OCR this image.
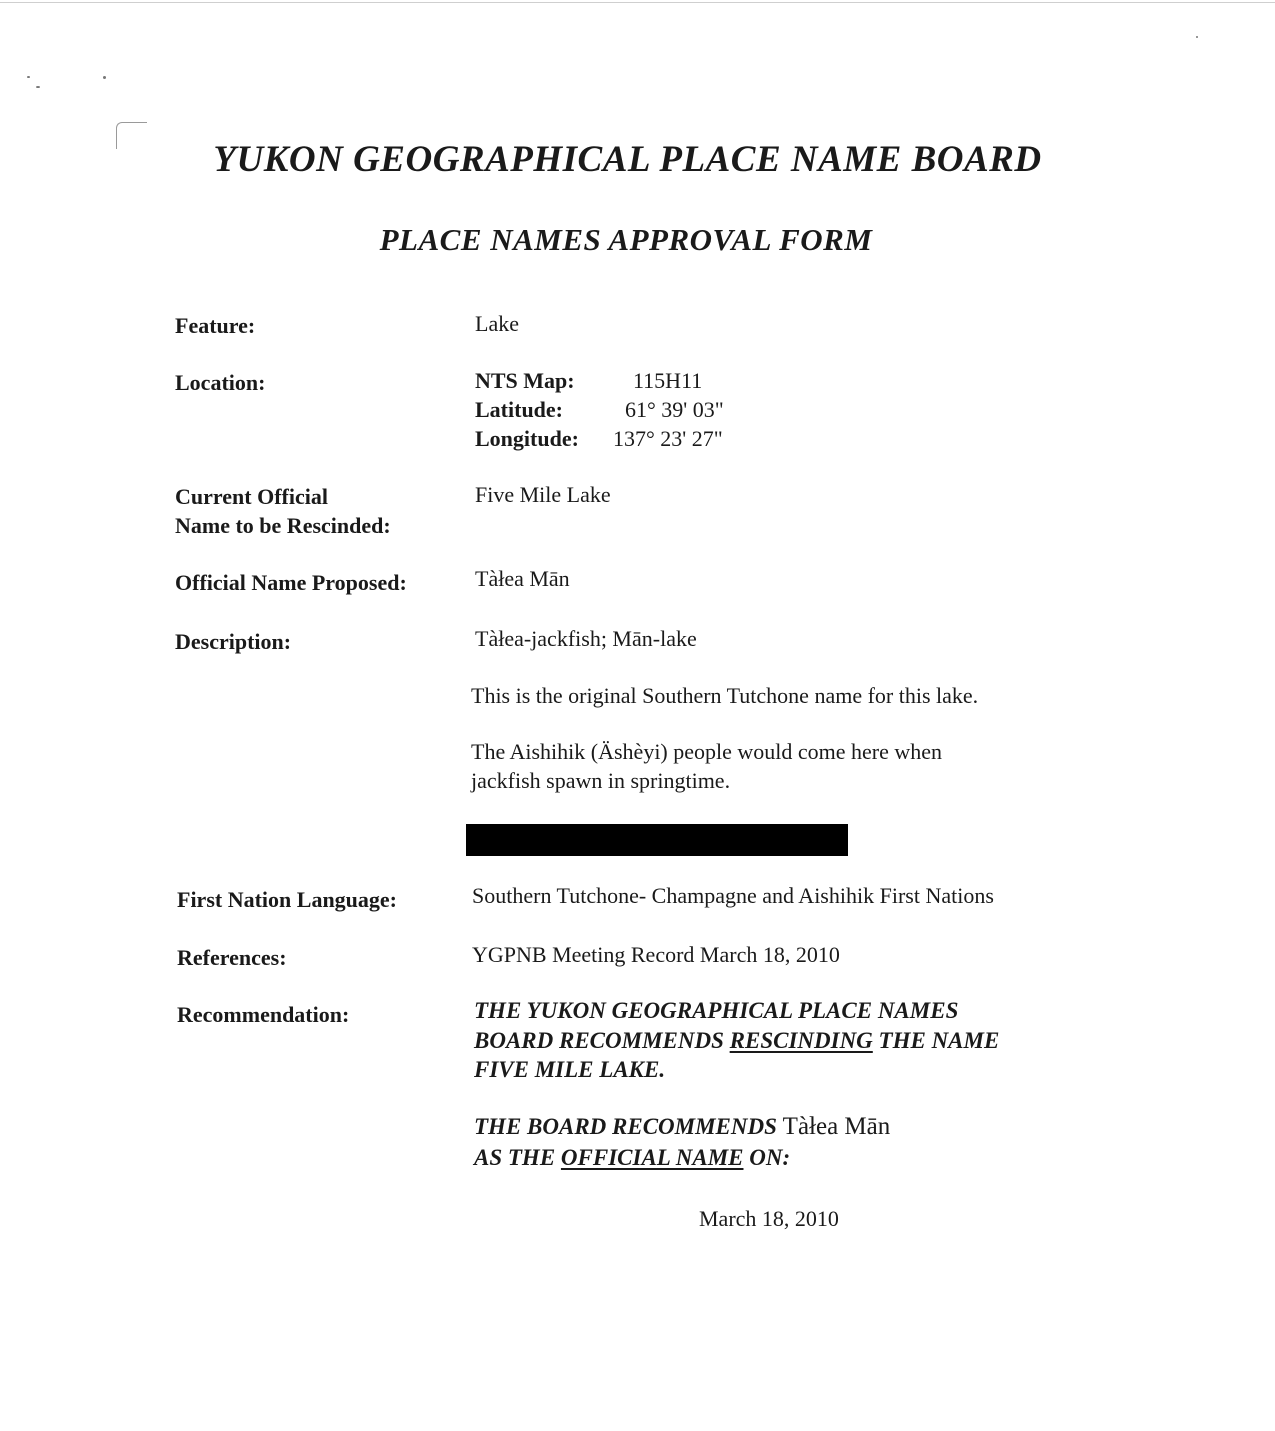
YUKON GEOGRAPHICAL PLACE NAME BOARD
PLACE NAMES APPROVAL FORM
Feature:	Lake
Location:	NTS Map:	115H11
Latitude:	61° 39' 03"
Longitude: 137° 23' 27"
Current Official
Name to be Rescinded:
Five Mile Lake
Official Name Proposed:	Tàłea Mān
Description:	Tàłea-jackfish; Mān-lake
This is the original Southern Tutchone name for this lake.
The Aishihik (Äshèyi) people would come here when
jackfish spawn in springtime.
First Nation Language:	Southern Tutchone- Champagne and Aishihik First Nations
References:	YGPNB Meeting Record March 18, 2010
Recommendation:	THE YUKON GEOGRAPHICAL PLACE NAMES
BOARD RECOMMENDS RESCINDING THE NAME
FIVE MILE LAKE.
THE BOARD RECOMMENDS Tàłea Mān
AS THE OFFICIAL NAME ON:
March 18, 2010
